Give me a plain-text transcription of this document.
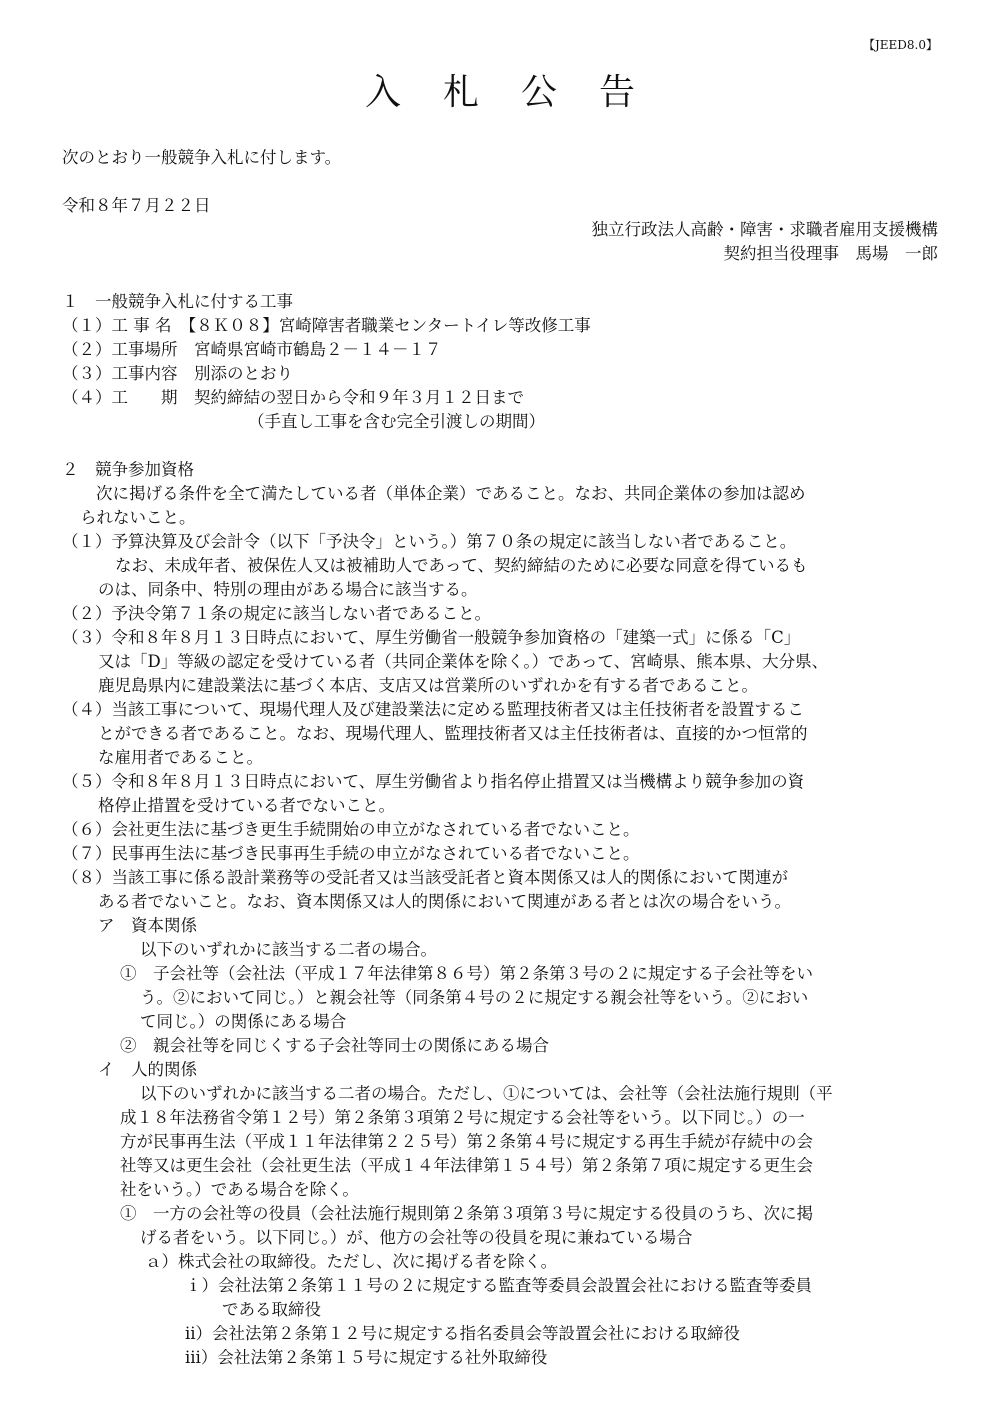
【JEED8.0】
入札公告
次のとおり一般競争入札に付します。
令和８年７月２２日
独立行政法人高齢・障害・求職者雇用支援機構
契約担当役理事　馬場　一郎
１　一般競争入札に付する工事
（１）工 事 名　【８Ｋ０８】宮崎障害者職業センタートイレ等改修工事
（２）工事場所　宮崎県宮崎市鶴島２－１４－１７
（３）工事内容　別添のとおり
（４）工　　期　契約締結の翌日から令和９年３月１２日まで
（手直し工事を含む完全引渡しの期間）
２　競争参加資格
次に掲げる条件を全て満たしている者（単体企業）であること。なお、共同企業体の参加は認め
られないこと。
（１）予算決算及び会計令（以下「予決令」という。）第７０条の規定に該当しない者であること。
なお、未成年者、被保佐人又は被補助人であって、契約締結のために必要な同意を得ているも
のは、同条中、特別の理由がある場合に該当する。
（２）予決令第７１条の規定に該当しない者であること。
（３）令和８年８月１３日時点において、厚生労働省一般競争参加資格の「建築一式」に係る「C」
又は「D」等級の認定を受けている者（共同企業体を除く。）であって、宮崎県、熊本県、大分県、
鹿児島県内に建設業法に基づく本店、支店又は営業所のいずれかを有する者であること。
（４）当該工事について、現場代理人及び建設業法に定める監理技術者又は主任技術者を設置するこ
とができる者であること。なお、現場代理人、監理技術者又は主任技術者は、直接的かつ恒常的
な雇用者であること。
（５）令和８年８月１３日時点において、厚生労働省より指名停止措置又は当機構より競争参加の資
格停止措置を受けている者でないこと。
（６）会社更生法に基づき更生手続開始の申立がなされている者でないこと。
（７）民事再生法に基づき民事再生手続の申立がなされている者でないこと。
（８）当該工事に係る設計業務等の受託者又は当該受託者と資本関係又は人的関係において関連が
ある者でないこと。なお、資本関係又は人的関係において関連がある者とは次の場合をいう。
ア　資本関係
以下のいずれかに該当する二者の場合。
①　子会社等（会社法（平成１７年法律第８６号）第２条第３号の２に規定する子会社等をい
う。②において同じ。）と親会社等（同条第４号の２に規定する親会社等をいう。②におい
て同じ。）の関係にある場合
②　親会社等を同じくする子会社等同士の関係にある場合
イ　人的関係
以下のいずれかに該当する二者の場合。ただし、①については、会社等（会社法施行規則（平
成１８年法務省令第１２号）第２条第３項第２号に規定する会社等をいう。以下同じ。）の一
方が民事再生法（平成１１年法律第２２５号）第２条第４号に規定する再生手続が存続中の会
社等又は更生会社（会社更生法（平成１４年法律第１５４号）第２条第７項に規定する更生会
社をいう。）である場合を除く。
①　一方の会社等の役員（会社法施行規則第２条第３項第３号に規定する役員のうち、次に掲
げる者をいう。以下同じ。）が、他方の会社等の役員を現に兼ねている場合
ａ）株式会社の取締役。ただし、次に掲げる者を除く。
ｉ）会社法第２条第１１号の２に規定する監査等委員会設置会社における監査等委員
である取締役
ⅱ）会社法第２条第１２号に規定する指名委員会等設置会社における取締役
ⅲ）会社法第２条第１５号に規定する社外取締役
